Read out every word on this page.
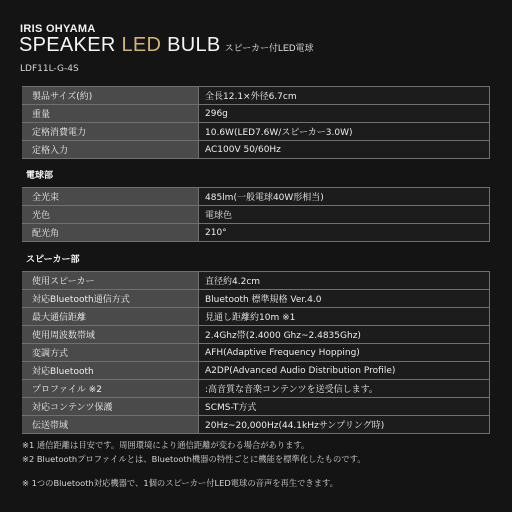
IRIS OHYAMA
SPEAKER LED BULB スピーカー付LED電球
LDF11L-G-4S
製品サイズ(約)	全長12.1×外径6.7cm
重量	296g
定格消費電力	10.6W(LED7.6W/スピーカー3.0W)
定格入力	AC100V 50/60Hz
電球部
全光束	485lm(一般電球40W形相当)
光色	電球色
配光角	210°
スピーカー部
使用スピーカー	直径約4.2cm
対応Bluetooth通信方式	Bluetooth 標準規格 Ver.4.0
最大通信距離	見通し距離約10m ※1
使用周波数帯域	2.4Ghz帯(2.4000 Ghz~2.4835Ghz)
変調方式	AFH(Adaptive Frequency Hopping)
対応Bluetooth	A2DP(Advanced Audio Distribution Profile)
プロファイル ※2	:高音質な音楽コンテンツを送受信します。
対応コンテンツ保護	SCMS-T方式
伝送帯域	20Hz~20,000Hz(44.1kHzサンプリング時)
※1 通信距離は目安です。周囲環境により通信距離が変わる場合があります。
※2 Bluetoothプロファイルとは、Bluetooth機器の特性ごとに機能を標準化したものです。
※ 1つのBluetooth対応機器で、1個のスピーカー付LED電球の音声を再生できます。
